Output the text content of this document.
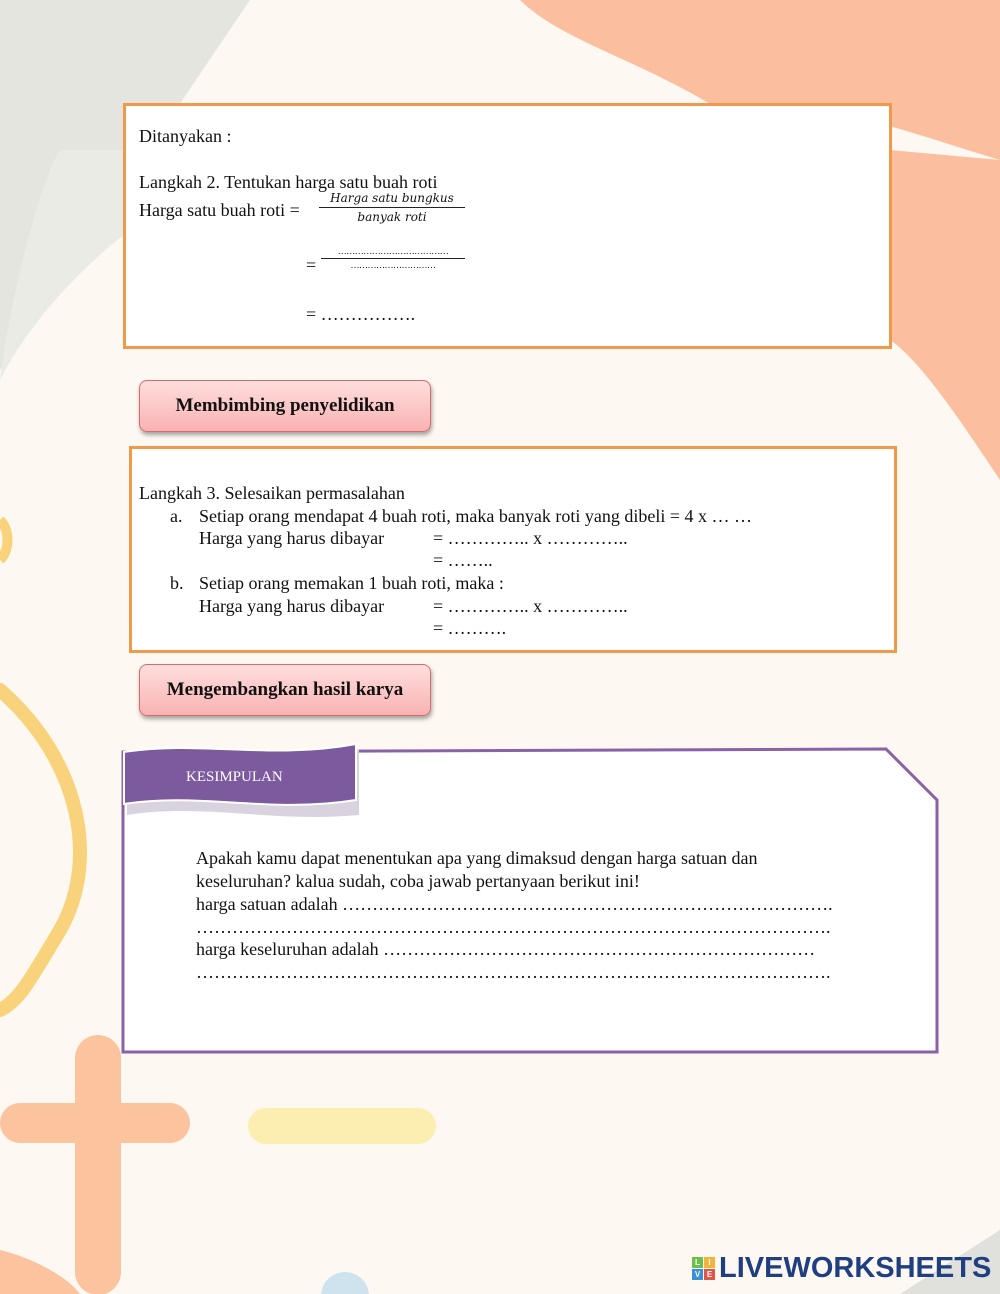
Ditanyakan :
Langkah 2. Tentukan harga satu buah roti
Harga satu buah roti =
Harga satu bungkus
banyak roti
=
…………………………………
…………………………
= …………….
Membimbing penyelidikan
Langkah 3. Selesaikan permasalahan
a. Setiap orang mendapat 4 buah roti, maka banyak roti yang dibeli = 4 x … …
Harga yang harus dibayar	= ………….. x …………..
= ……..
b. Setiap orang memakan 1 buah roti, maka :
Harga yang harus dibayar	= ………….. x …………..
= ……….
Mengembangkan hasil karya
KESIMPULAN
Apakah kamu dapat menentukan apa yang dimaksud dengan harga satuan dan
keseluruhan? kalua sudah, coba jawab pertanyaan berikut ini!
harga satuan adalah ……………………………………………………………………….
…………………………………………………………………………………………….
harga keseluruhan adalah ………………………………………………………………
…………………………………………………………………………………………….
L	I
V E LIVEWORKSHEETS
